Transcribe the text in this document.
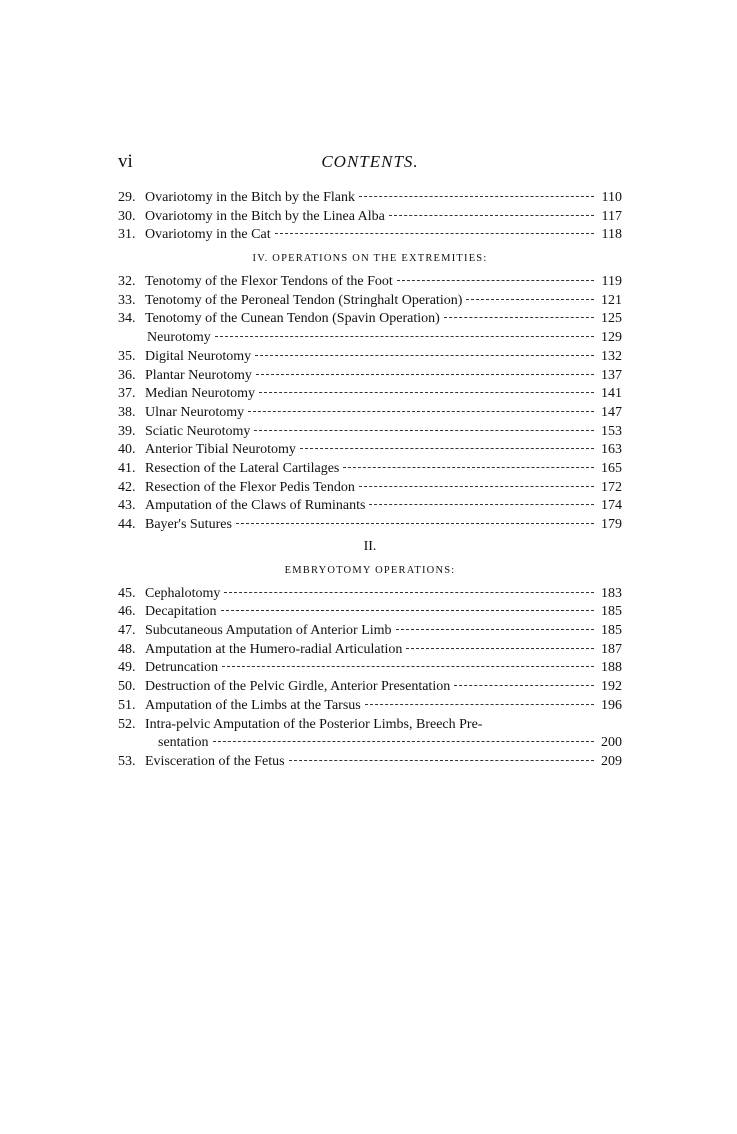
vi	CONTENTS.
29. Ovariotomy in the Bitch by the Flank	110
30. Ovariotomy in the Bitch by the Linea Alba	117
31. Ovariotomy in the Cat	118
IV. OPERATIONS ON THE EXTREMITIES:
32. Tenotomy of the Flexor Tendons of the Foot	119
33. Tenotomy of the Peroneal Tendon (Stringhalt Operation)	121
34. Tenotomy of the Cunean Tendon (Spavin Operation)	125
Neurotomy	129
35. Digital Neurotomy	132
36. Plantar Neurotomy	137
37. Median Neurotomy	141
38. Ulnar Neurotomy	147
39. Sciatic Neurotomy	153
40. Anterior Tibial Neurotomy	163
41. Resection of the Lateral Cartilages	165
42. Resection of the Flexor Pedis Tendon	172
43. Amputation of the Claws of Ruminants	174
44. Bayer's Sutures	179
II.
EMBRYOTOMY OPERATIONS:
45. Cephalotomy	183
46. Decapitation	185
47. Subcutaneous Amputation of Anterior Limb	185
48. Amputation at the Humero-radial Articulation	187
49. Detruncation	188
50. Destruction of the Pelvic Girdle, Anterior Presentation	192
51. Amputation of the Limbs at the Tarsus	196
52. Intra-pelvic Amputation of the Posterior Limbs, Breech Pre-
sentation	200
53. Evisceration of the Fetus	209
